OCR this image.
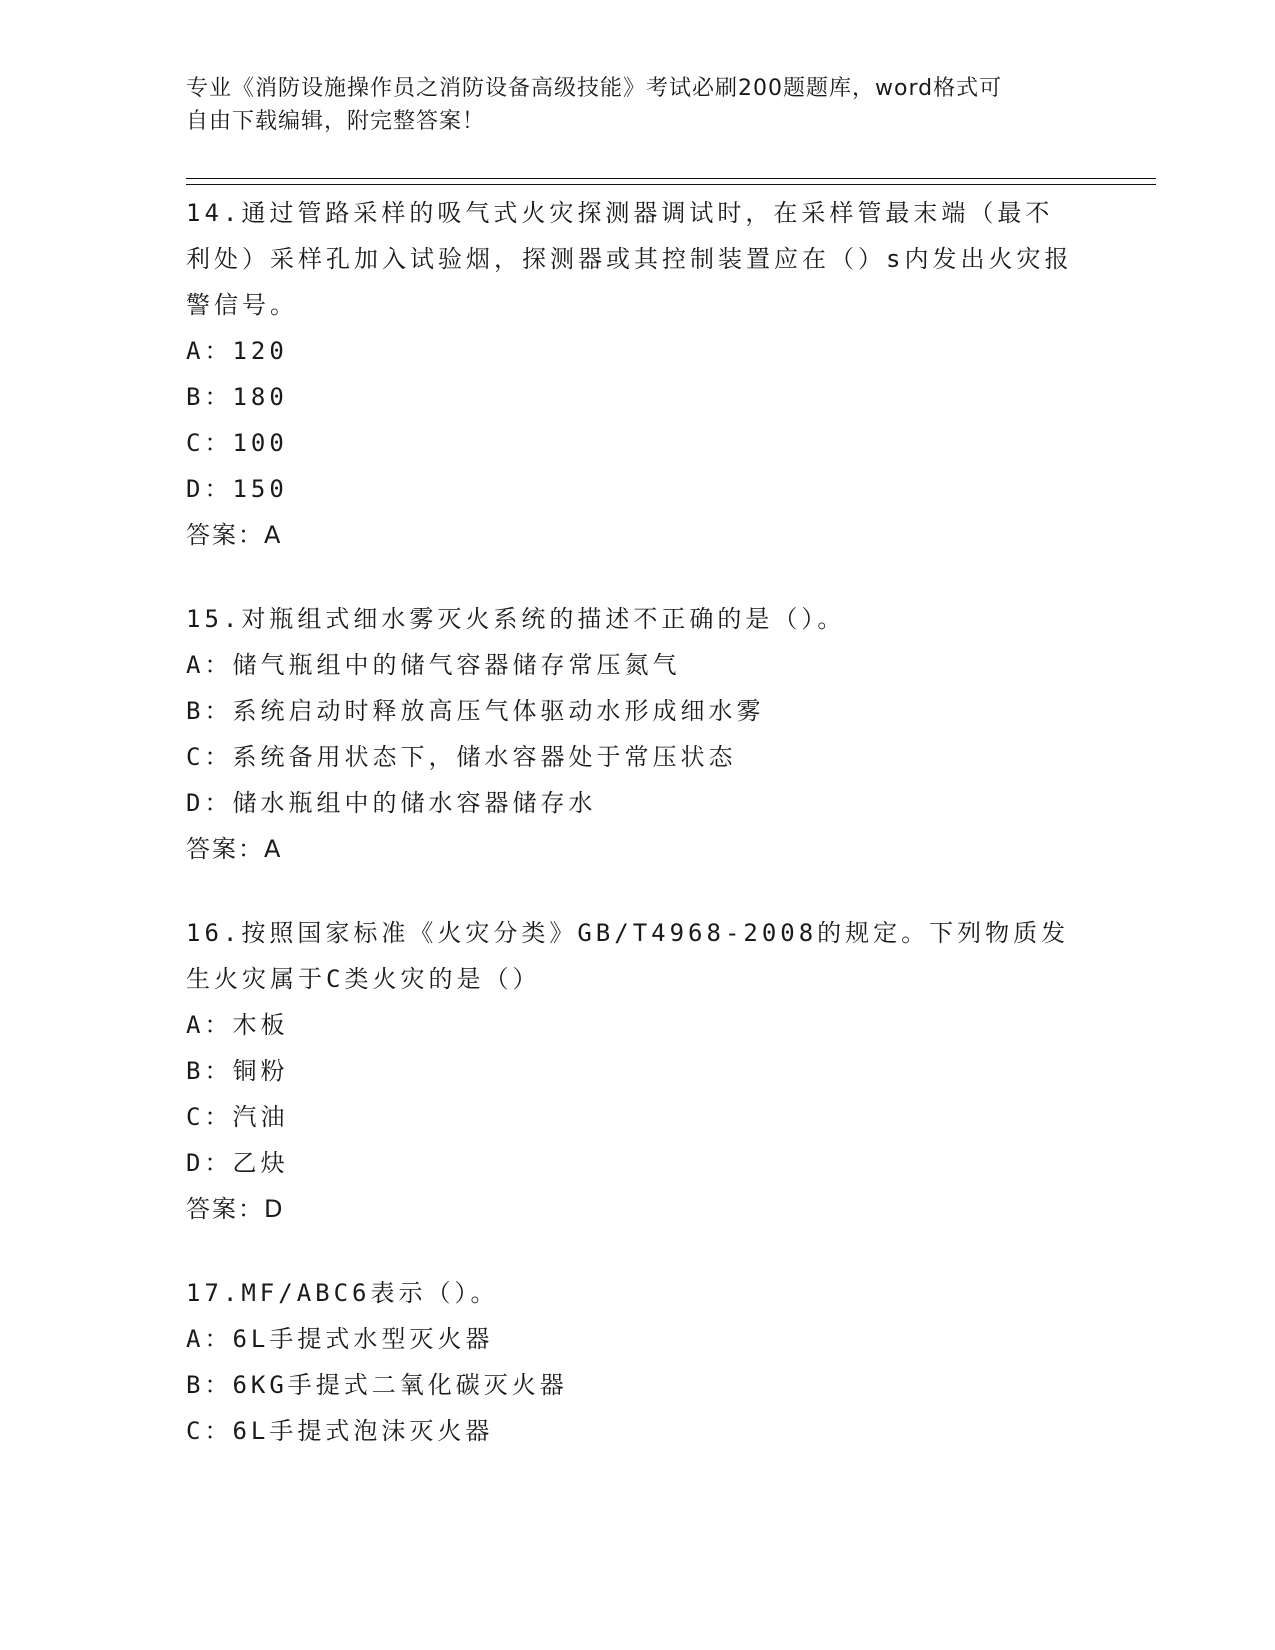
专业《消防设施操作员之消防设备高级技能》考试必刷200题题库，word格式可
自由下载编辑，附完整答案！
14.通过管路采样的吸气式火灾探测器调试时，在采样管最末端（最不利处）采样孔加入试验烟，探测器或其控制装置应在（）s内发出火灾报警信号。
A：120
B：180
C：100
D：150
答案：A
15.对瓶组式细水雾灭火系统的描述不正确的是（）。
A：储气瓶组中的储气容器储存常压氮气
B：系统启动时释放高压气体驱动水形成细水雾
C：系统备用状态下，储水容器处于常压状态
D：储水瓶组中的储水容器储存水
答案：A
16.按照国家标准《火灾分类》GB/T4968-2008的规定。下列物质发生火灾属于C类火灾的是（）
A：木板
B：铜粉
C：汽油
D：乙炔
答案：D
17.MF/ABC6表示（）。
A：6L手提式水型灭火器
B：6KG手提式二氧化碳灭火器
C：6L手提式泡沫灭火器
